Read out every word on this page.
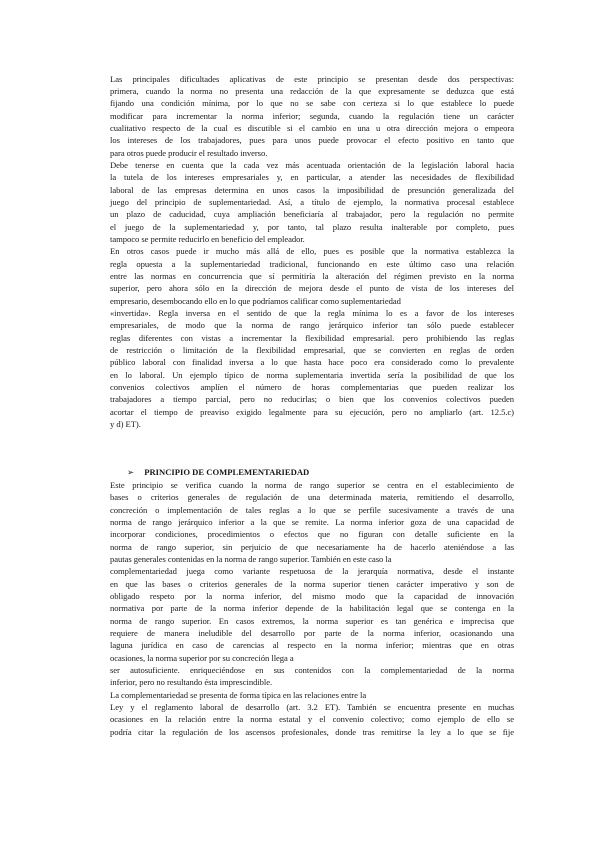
Las principales dificultades aplicativas de este principio se presentan desde dos perspectivas:
primera, cuando la norma no presenta una redacción de la que expresamente se deduzca que está
fijando una condición mínima, por lo que no se sabe con certeza si lo que establece lo puede
modificar para incrementar la norma inferior; segunda, cuando la regulación tiene un carácter
cualitativo respecto de la cual es discutible si el cambio en una u otra dirección mejora o empeora
los intereses de los trabajadores, pues para unos puede provocar el efecto positivo en tanto que
para otros puede producir el resultado inverso.
Debe tenerse en cuenta que la cada vez más acentuada orientación de la legislación laboral hacia
la tutela de los intereses empresariales y, en particular, a atender las necesidades de flexibilidad
laboral de las empresas determina en unos casos la imposibilidad de presunción generalizada del
juego del principio de suplementariedad. Así, a título de ejemplo, la normativa procesal establece
un plazo de caducidad, cuya ampliación beneficiaría al trabajador, pero la regulación no permite
el juego de la suplementariedad y, por tanto, tal plazo resulta inalterable por completo, pues
tampoco se permite reducirlo en beneficio del empleador.
En otros casos puede ir mucho más allá de ello, pues es posible que la normativa establezca la
regla opuesta a la suplementariedad tradicional, funcionando en este último caso una relación
entre las normas en concurrencia que sí permitiría la alteración del régimen previsto en la norma
superior, pero ahora sólo en la dirección de mejora desde el punto de vista de los intereses del
empresario, desembocando ello en lo que podríamos calificar como suplementariedad
«invertida». Regla inversa en el sentido de que la regla mínima lo es a favor de los intereses
empresariales, de modo que la norma de rango jerárquico inferior tan sólo puede establecer
reglas diferentes con vistas a incrementar la flexibilidad empresarial. pero prohibiendo las reglas
de restricción o limitación de la flexibilidad empresarial, que se convierten en reglas de orden
público laboral con finalidad inversa a lo que hasta hace poco era considerado como lo prevalente
en lo laboral. Un ejemplo típico de norma suplementaria invertida sería la posibilidad de que los
convenios colectivos amplíen el número de horas complementarias que pueden realizar los
trabajadores a tiempo parcial, pero no reducirlas; o bien que los convenios colectivos pueden
acortar el tiempo de preaviso exigido legalmente para su ejecución, pero no ampliarlo (art. 12.5.c)
y d) ET).
➢ PRINCIPIO DE COMPLEMENTARIEDAD
Este principio se verifica cuando la norma de rango superior se centra en el establecimiento de
bases o criterios generales de regulación de una determinada materia, remitiendo el desarrollo,
concreción o implementación de tales reglas a lo que se perfile sucesivamente a través de una
norma de rango jerárquico inferior a la que se remite. La norma inferior goza de una capacidad de
incorporar condiciones, procedimientos o efectos que no figuran con detalle suficiente en la
norma de rango superior, sin perjuicio de que necesariamente ha de hacerlo ateniéndose a las
pautas generales contenidas en la norma de rango superior. También en este caso la
complementariedad juega como variante respetuosa de la jerarquía normativa, desde el instante
en que las bases o criterios generales de la norma superior tienen carácter imperativo y son de
obligado respeto por la norma inferior, del mismo modo que la capacidad de innovación
normativa por parte de la norma inferior depende de la habilitación legal que se contenga en la
norma de rango superior. En casos extremos, la norma superior es tan genérica e imprecisa que
requiere de manera ineludible del desarrollo por parte de la norma inferior, ocasionando una
laguna jurídica en caso de carencias al respecto en la norma inferior; mientras que en otras
ocasiones, la norma superior por su concreción llega a
ser autosuficiente. enriqueciéndose en sus contenidos con la complementariedad de la norma
inferior, pero no resultando ésta imprescindible.
La complementariedad se presenta de forma típica en las relaciones entre la
Ley y el reglamento laboral de desarrollo (art. 3.2 ET). También se encuentra presente en muchas
ocasiones en la relación entre la norma estatal y el convenio colectivo; como ejemplo de ello se
podría citar la regulación de los ascensos profesionales, donde tras remitirse la ley a lo que se fije
